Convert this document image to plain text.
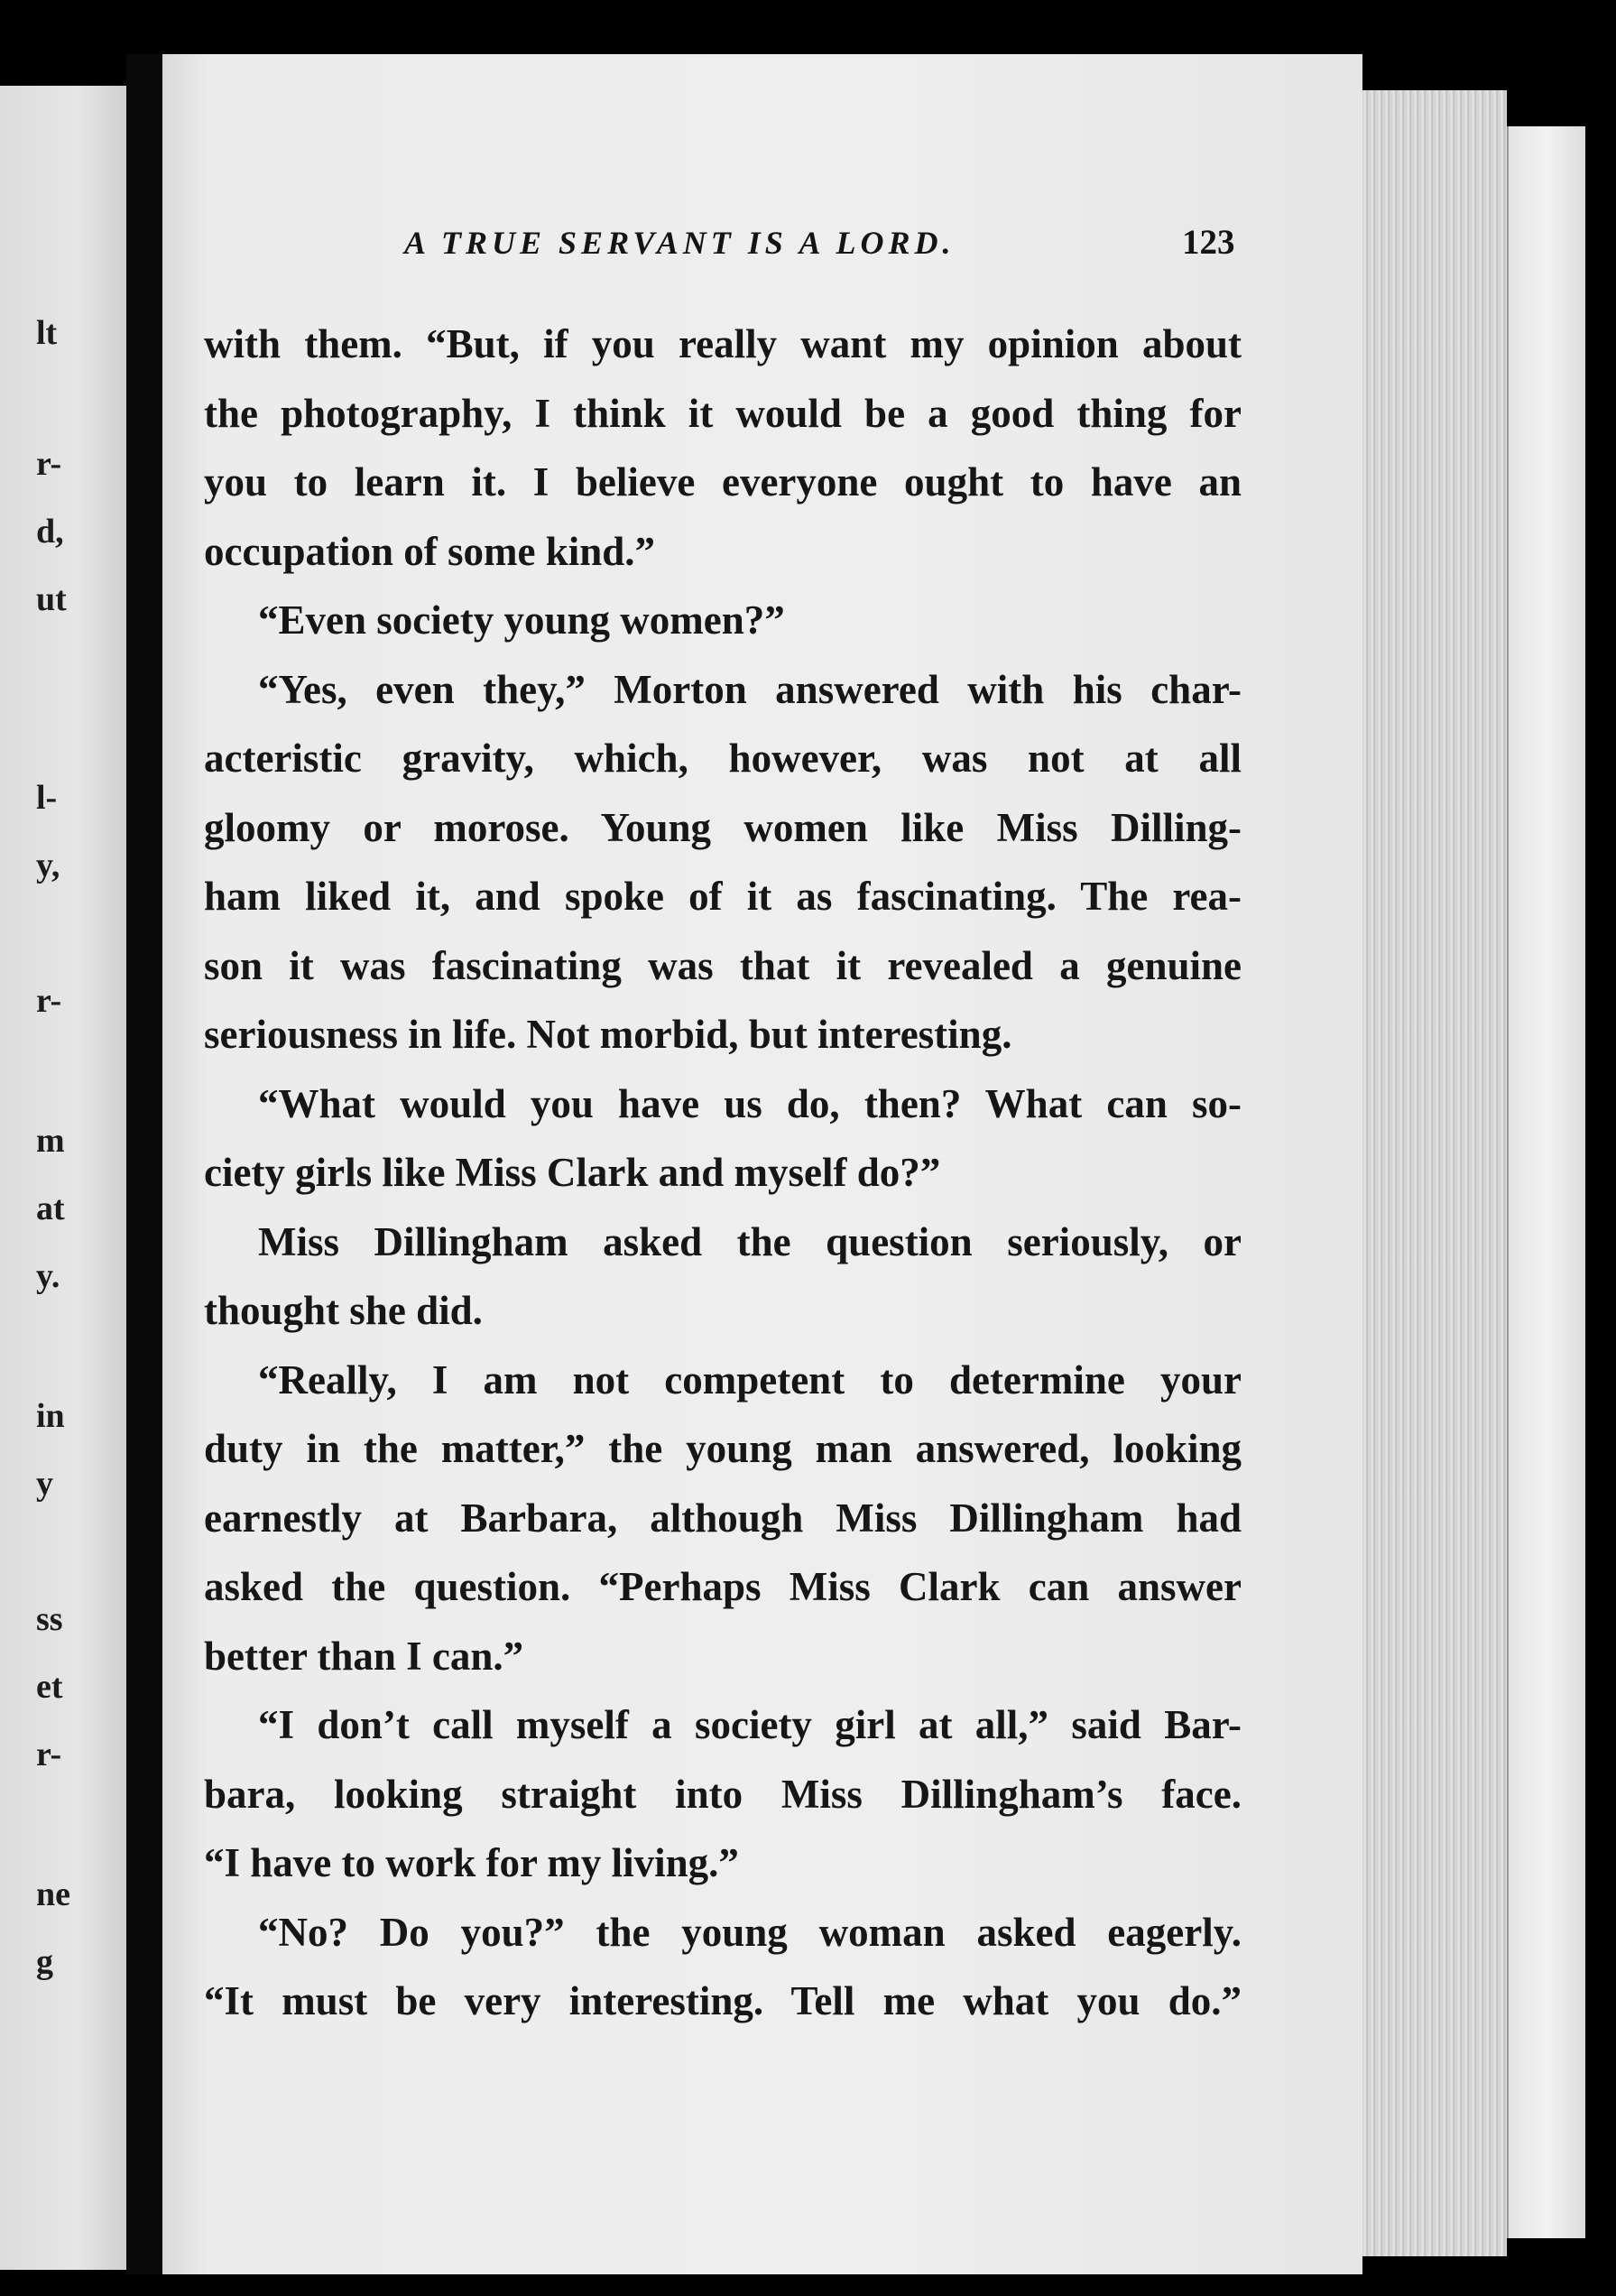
lt
r-
d,
ut
l-
y,
r-
m
at
y.
in
y
ss
et
r-
ne
g
A TRUE SERVANT IS A LORD.	123
with them. “But, if you really want my opinion about
the photography, I think it would be a good thing for
you to learn it. I believe everyone ought to have an
occupation of some kind.”
“Even society young women?”
“Yes, even they,” Morton answered with his char-
acteristic gravity, which, however, was not at all
gloomy or morose. Young women like Miss Dilling-
ham liked it, and spoke of it as fascinating. The rea-
son it was fascinating was that it revealed a genuine
seriousness in life. Not morbid, but interesting.
“What would you have us do, then? What can so-
ciety girls like Miss Clark and myself do?”
Miss Dillingham asked the question seriously, or
thought she did.
“Really, I am not competent to determine your
duty in the matter,” the young man answered, looking
earnestly at Barbara, although Miss Dillingham had
asked the question. “Perhaps Miss Clark can answer
better than I can.”
“I don’t call myself a society girl at all,” said Bar-
bara, looking straight into Miss Dillingham’s face.
“I have to work for my living.”
“No? Do you?” the young woman asked eagerly.
“It must be very interesting. Tell me what you do.”
